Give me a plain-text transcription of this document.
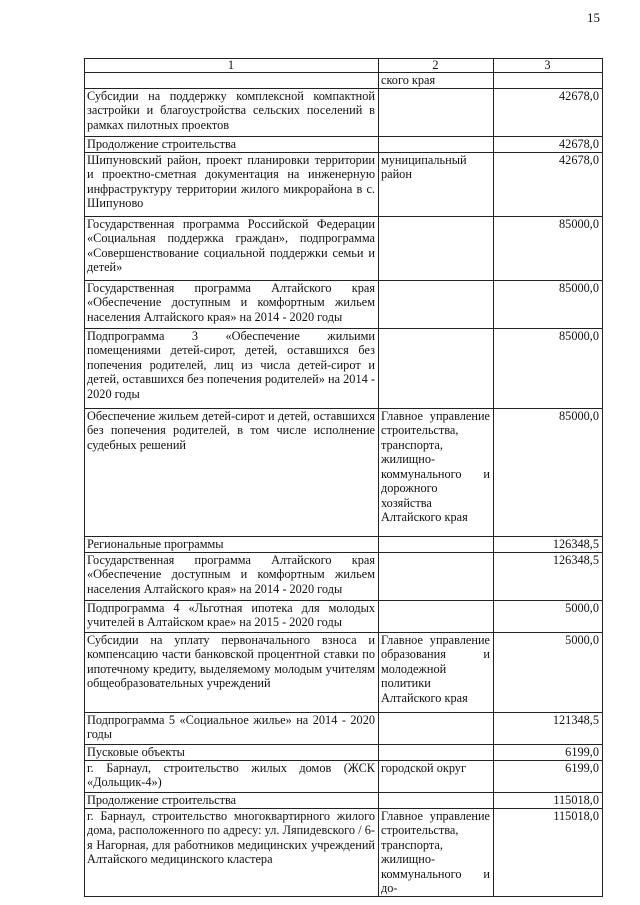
15
1	2	3
	ского края	
Субсидии на поддержку комплексной компактной застройки и благоустройства сельских поселений в рамках пилотных проектов		42678,0
Продолжение строительства		42678,0
Шипуновский район, проект планировки территории и проектно-сметная документация на инженерную инфраструктуру территории жилого микрорайона в с. Шипуново	муниципальный район	42678,0
Государственная программа Российской Федерации «Социальная поддержка граждан», подпрограмма «Совершенствование социальной поддержки семьи и детей»		85000,0
Государственная программа Алтайского края «Обеспечение доступным и комфортным жильем населения Алтайского края» на 2014 - 2020 годы		85000,0
Подпрограмма 3 «Обеспечение жильими помещениями детей-сирот, детей, оставшихся без попечения родителей, лиц из числа детей-сирот и детей, оставшихся без попечения родителей» на 2014 - 2020 годы		85000,0
Обеспечение жильем детей-сирот и детей, оставшихся без попечения родителей, в том числе исполнение судебных решений	Главное управление строительства, транспорта, жилищно-коммунального и дорожного хозяйства Алтайского края	85000,0
Региональные программы		126348,5
Государственная программа Алтайского края «Обеспечение доступным и комфортным жильем населения Алтайского края» на 2014 - 2020 годы		126348,5
Подпрограмма 4 «Льготная ипотека для молодых учителей в Алтайском крае» на 2015 - 2020 годы		5000,0
Субсидии на уплату первоначального взноса и компенсацию части банковской процентной ставки по ипотечному кредиту, выделяемому молодым учителям общеобразовательных учреждений	Главное управление образования и молодежной политики Алтайского края	5000,0
Подпрограмма 5 «Социальное жилье» на 2014 - 2020 годы		121348,5
Пусковые объекты		6199,0
г. Барнаул, строительство жилых домов (ЖСК «Дольщик-4»)	городской округ	6199,0
Продолжение строительства		115018,0
г. Барнаул, строительство многоквартирного жилого дома, расположенного по адресу: ул. Ляпидевского / 6-я Нагорная, для работников медицинских учреждений Алтайского медицинского кластера	Главное управление строительства, транспорта, жилищно-коммунального и до-	115018,0
